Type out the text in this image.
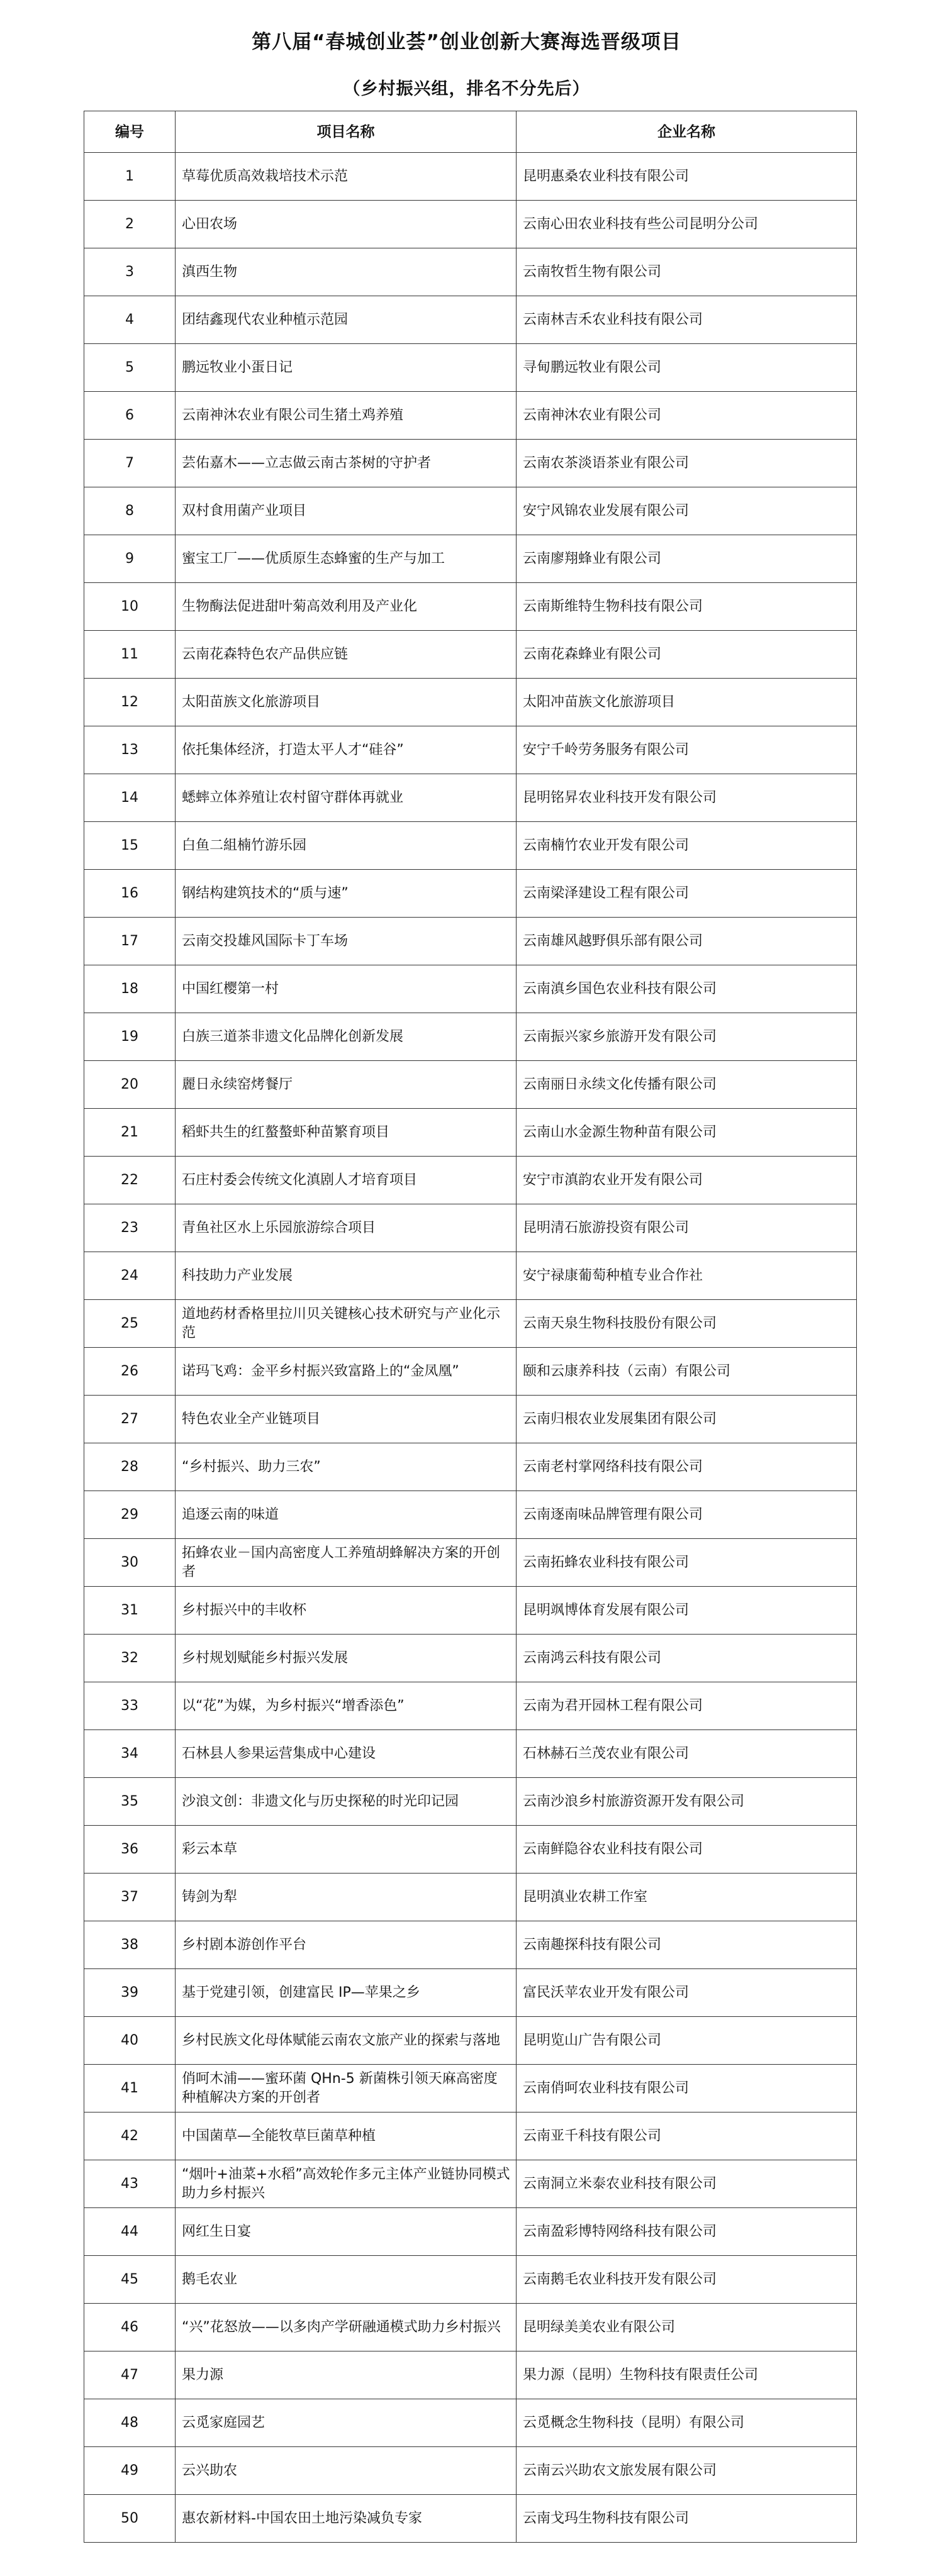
第八届“春城创业荟”创业创新大赛海选晋级项目
（乡村振兴组，排名不分先后）
编号	项目名称	企业名称
1	草莓优质高效栽培技术示范	昆明惠桑农业科技有限公司
2	心田农场	云南心田农业科技有些公司昆明分公司
3	滇西生物	云南牧哲生物有限公司
4	团结鑫现代农业种植示范园	云南林吉禾农业科技有限公司
5	鹏远牧业小蛋日记	寻甸鹏远牧业有限公司
6	云南神沐农业有限公司生猪土鸡养殖	云南神沐农业有限公司
7	芸佑嘉木——立志做云南古茶树的守护者	云南农茶淡语茶业有限公司
8	双村食用菌产业项目	安宁风锦农业发展有限公司
9	蜜宝工厂——优质原生态蜂蜜的生产与加工	云南廖翔蜂业有限公司
10	生物酶法促进甜叶菊高效利用及产业化	云南斯维特生物科技有限公司
11	云南花森特色农产品供应链	云南花森蜂业有限公司
12	太阳苗族文化旅游项目	太阳冲苗族文化旅游项目
13	依托集体经济，打造太平人才“硅谷”	安宁千岭劳务服务有限公司
14	蟋蟀立体养殖让农村留守群体再就业	昆明铭昇农业科技开发有限公司
15	白鱼二組楠竹游乐园	云南楠竹农业开发有限公司
16	钢结构建筑技术的“质与速”	云南梁泽建设工程有限公司
17	云南交投雄风国际卡丁车场	云南雄风越野俱乐部有限公司
18	中国红樱第一村	云南滇乡国色农业科技有限公司
19	白族三道茶非遗文化品牌化创新发展	云南振兴家乡旅游开发有限公司
20	麗日永续窑烤餐厅	云南丽日永续文化传播有限公司
21	稻虾共生的红螯螯虾种苗繁育项目	云南山水金源生物种苗有限公司
22	石庄村委会传统文化滇剧人才培育项目	安宁市滇韵农业开发有限公司
23	青鱼社区水上乐园旅游综合项目	昆明清石旅游投资有限公司
24	科技助力产业发展	安宁禄康葡萄种植专业合作社
25	道地药材香格里拉川贝关键核心技术研究与产业化示范	云南天泉生物科技股份有限公司
26	诺玛飞鸡：金平乡村振兴致富路上的“金凤凰”	颐和云康养科技（云南）有限公司
27	特色农业全产业链项目	云南归根农业发展集团有限公司
28	“乡村振兴、助力三农”	云南老村掌网络科技有限公司
29	追逐云南的味道	云南逐南味品牌管理有限公司
30	拓蜂农业－国内高密度人工养殖胡蜂解决方案的开创者	云南拓蜂农业科技有限公司
31	乡村振兴中的丰收杯	昆明飒博体育发展有限公司
32	乡村规划赋能乡村振兴发展	云南鸿云科技有限公司
33	以“花”为媒，为乡村振兴“增香添色”	云南为君开园林工程有限公司
34	石林县人参果运营集成中心建设	石林赫石兰茂农业有限公司
35	沙浪文创：非遗文化与历史探秘的时光印记园	云南沙浪乡村旅游资源开发有限公司
36	彩云本草	云南鲜隐谷农业科技有限公司
37	铸剑为犁	昆明滇业农耕工作室
38	乡村剧本游创作平台	云南趣探科技有限公司
39	基于党建引领，创建富民 IP—苹果之乡	富民沃苹农业开发有限公司
40	乡村民族文化母体赋能云南农文旅产业的探索与落地	昆明览山广告有限公司
41	俏呵木浦——蜜环菌 QHn-5 新菌株引领天麻高密度种植解决方案的开创者	云南俏呵农业科技有限公司
42	中国菌草—全能牧草巨菌草种植	云南亚千科技有限公司
43	“烟叶+油菜+水稻”高效轮作多元主体产业链协同模式助力乡村振兴	云南洞立米泰农业科技有限公司
44	网红生日宴	云南盈彩博特网络科技有限公司
45	鹅毛农业	云南鹅毛农业科技开发有限公司
46	“兴”花怒放——以多肉产学研融通模式助力乡村振兴	昆明绿美美农业有限公司
47	果力源	果力源（昆明）生物科技有限责任公司
48	云觅家庭园艺	云觅概念生物科技（昆明）有限公司
49	云兴助农	云南云兴助农文旅发展有限公司
50	惠农新材料-中国农田土地污染减负专家	云南戈玛生物科技有限公司
